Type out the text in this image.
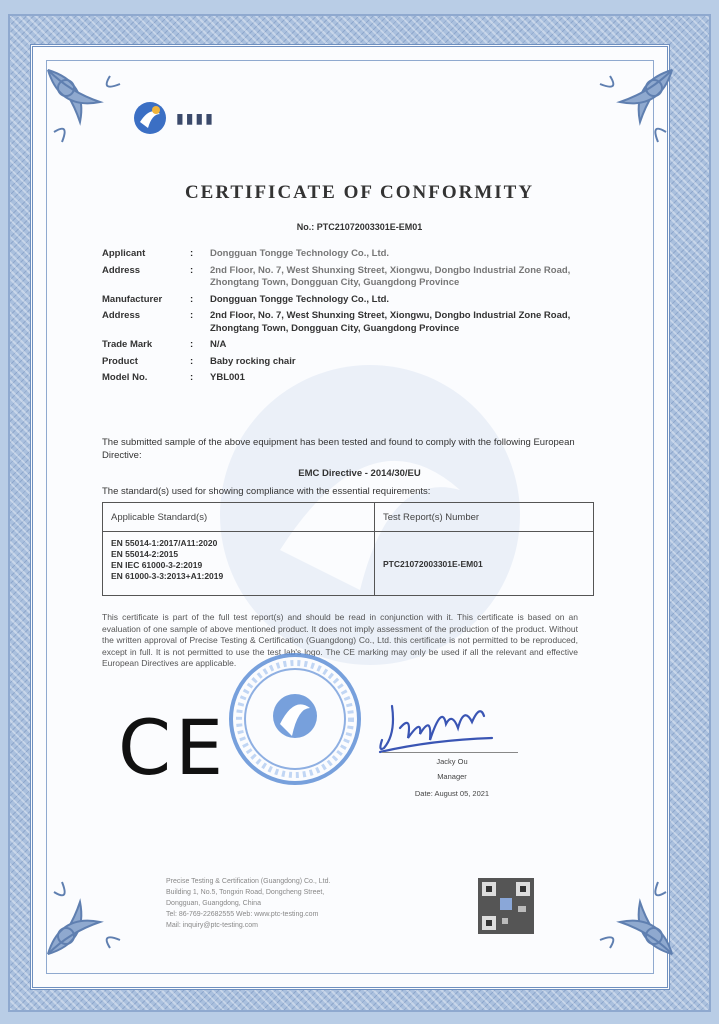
▮▮▮▮
CERTIFICATE OF CONFORMITY
No.: PTC21072003301E-EM01
Applicant	:	Dongguan Tongge Technology Co., Ltd.
Address	:	2nd Floor, No. 7, West Shunxing Street, Xiongwu, Dongbo Industrial Zone Road, Zhongtang Town, Dongguan City, Guangdong Province
Manufacturer	:	Dongguan Tongge Technology Co., Ltd.
Address	:	2nd Floor, No. 7, West Shunxing Street, Xiongwu, Dongbo Industrial Zone Road, Zhongtang Town, Dongguan City, Guangdong Province
Trade Mark	:	N/A
Product	:	Baby rocking chair
Model No.	:	YBL001
The submitted sample of the above equipment has been tested and found to comply with the following European Directive:
EMC Directive - 2014/30/EU
The standard(s) used for showing compliance with the essential requirements:
Applicable Standard(s)	Test Report(s) Number
EN 55014-1:2017/A11:2020
EN 55014-2:2015
EN IEC 61000-3-2:2019
EN 61000-3-3:2013+A1:2019
PTC21072003301E-EM01
This certificate is part of the full test report(s) and should be read in conjunction with it. This certificate is based on an evaluation of one sample of above mentioned product. It does not imply assessment of the production of the product. Without the written approval of Precise Testing & Certification (Guangdong) Co., Ltd. this certificate is not permitted to be reproduced, except in full. It is not permitted to use the test lab's logo. The CE marking may only be used if all the relevant and effective European Directives are applicable.
CE	Jacky Ou
Manager
Date: August 05, 2021
Precise Testing & Certification (Guangdong) Co., Ltd.
Building 1, No.5, Tongxin Road, Dongcheng Street,
Dongguan, Guangdong, China
Tel: 86-769-22682555 Web: www.ptc-testing.com
Mail: inquiry@ptc-testing.com
